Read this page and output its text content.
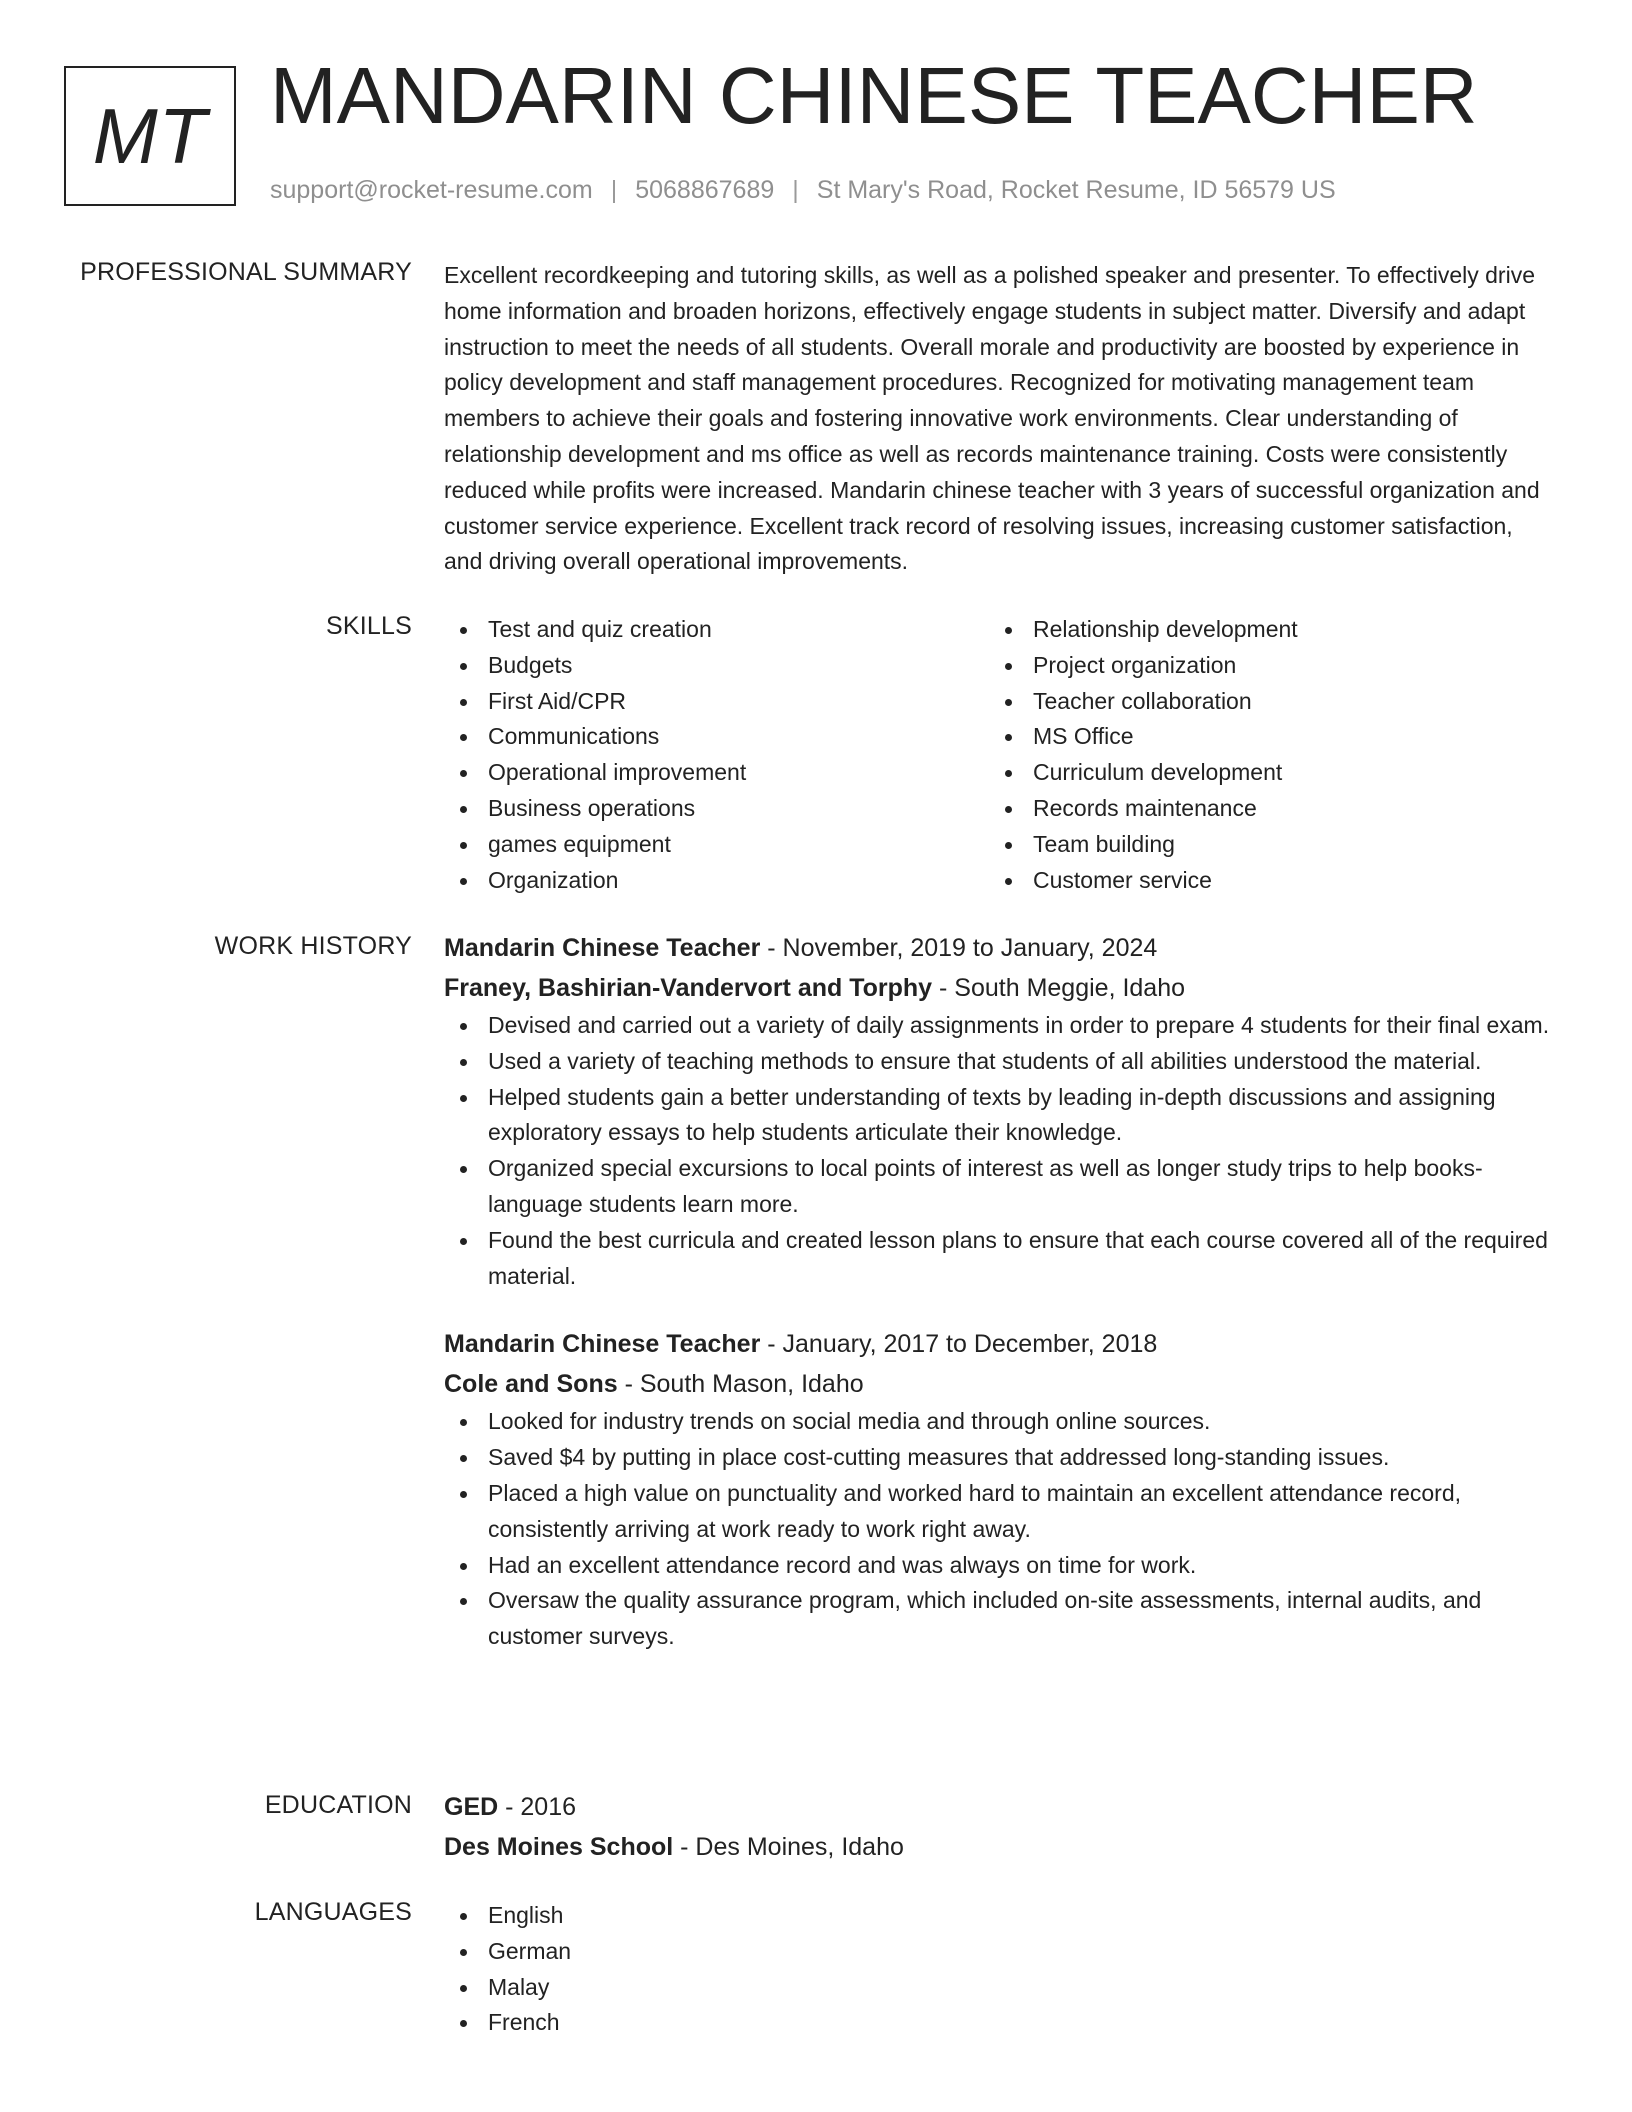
MT MANDARIN CHINESE TEACHER
support@rocket-resume.com | 5068867689 | St Mary's Road, Rocket Resume, ID 56579 US
PROFESSIONAL SUMMARY Excellent recordkeeping and tutoring skills, as well as a polished speaker and presenter. To effectively drive home information and broaden horizons, effectively engage students in subject matter. Diversify and adapt instruction to meet the needs of all students. Overall morale and productivity are boosted by experience in policy development and staff management procedures. Recognized for motivating management team members to achieve their goals and fostering innovative work environments. Clear understanding of relationship development and ms office as well as records maintenance training. Costs were consistently reduced while profits were increased. Mandarin chinese teacher with 3 years of successful organization and customer service experience. Excellent track record of resolving issues, increasing customer satisfaction, and driving overall operational improvements.

SKILLS	Test and quiz creation
Budgets
First Aid/CPR
Communications
Operational improvement
Business operations
games equipment
Organization
Relationship development
Project organization
Teacher collaboration
MS Office
Curriculum development
Records maintenance
Team building
Customer service
WORK HISTORY Mandarin Chinese Teacher - November, 2019 to January, 2024
Franey, Bashirian-Vandervort and Torphy - South Meggie, Idaho
Devised and carried out a variety of daily assignments in order to prepare 4 students for their final exam.
Used a variety of teaching methods to ensure that students of all abilities understood the material.
Helped students gain a better understanding of texts by leading in-depth discussions and assigning exploratory essays to help students articulate their knowledge.
Organized special excursions to local points of interest as well as longer study trips to help books-language students learn more.
Found the best curricula and created lesson plans to ensure that each course covered all of the required material.
Mandarin Chinese Teacher - January, 2017 to December, 2018
Cole and Sons - South Mason, Idaho
Looked for industry trends on social media and through online sources.
Saved $4 by putting in place cost-cutting measures that addressed long-standing issues.
Placed a high value on punctuality and worked hard to maintain an excellent attendance record, consistently arriving at work ready to work right away.
Had an excellent attendance record and was always on time for work.
Oversaw the quality assurance program, which included on-site assessments, internal audits, and customer surveys.
EDUCATION GED - 2016
Des Moines School - Des Moines, Idaho
LANGUAGES	English
German
Malay
French
